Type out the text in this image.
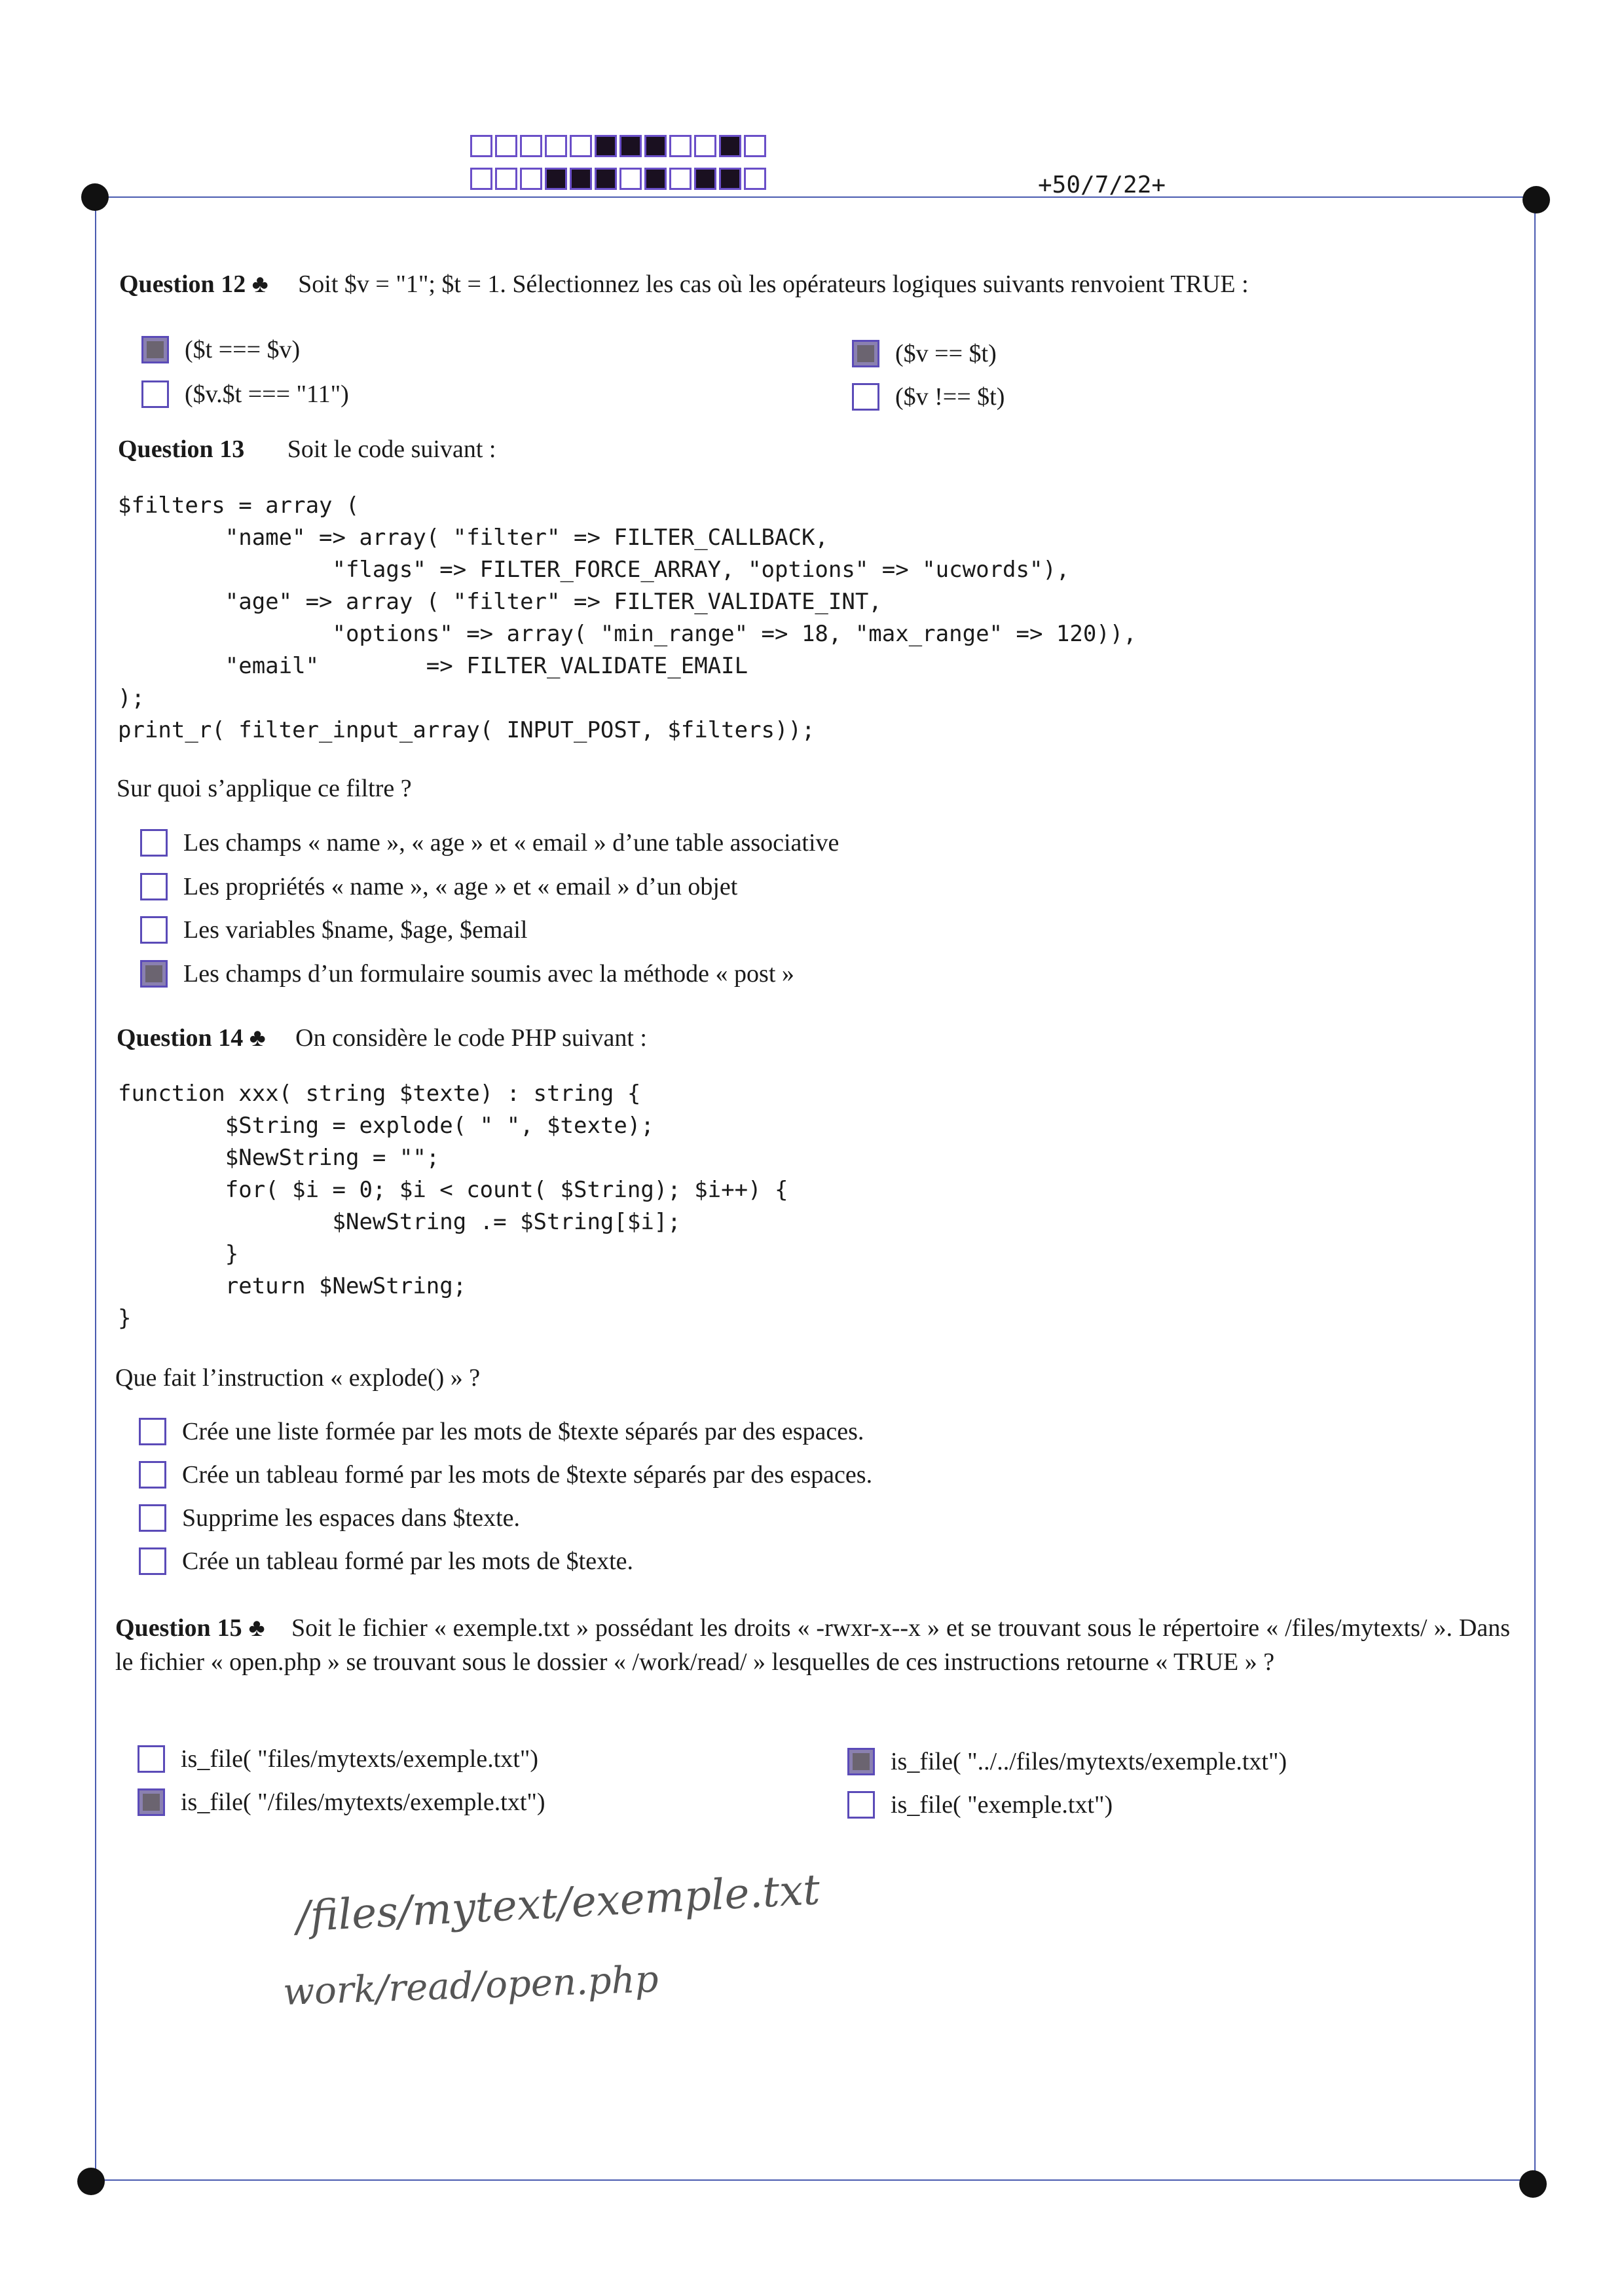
+50/7/22+
Question 12 ♣ Soit $v = "1"; $t = 1. Sélectionnez les cas où les opérateurs logiques suivants renvoient TRUE :
($t === $v)	($v == $t)
($v.$t === "11")	($v !== $t)
Question 13 Soit le code suivant :
$filters = array (
"name" => array( "filter" => FILTER_CALLBACK,
"flags" => FILTER_FORCE_ARRAY, "options" => "ucwords"),
"age" => array ( "filter" => FILTER_VALIDATE_INT,
"options" => array( "min_range" => 18, "max_range" => 120)),
"email"        => FILTER_VALIDATE_EMAIL
);
print_r( filter_input_array( INPUT_POST, $filters));
Sur quoi s’applique ce filtre ?
Les champs « name », « age » et « email » d’une table associative
Les propriétés « name », « age » et « email » d’un objet
Les variables $name, $age, $email
Les champs d’un formulaire soumis avec la méthode « post »
Question 14 ♣ On considère le code PHP suivant :
function xxx( string $texte) : string {
$String = explode( " ", $texte);
$NewString = "";
for( $i = 0; $i < count( $String); $i++) {
$NewString .= $String[$i];
}
return $NewString;
}
Que fait l’instruction « explode() » ?
Crée une liste formée par les mots de $texte séparés par des espaces.
Crée un tableau formé par les mots de $texte séparés par des espaces.
Supprime les espaces dans $texte.
Crée un tableau formé par les mots de $texte.
Question 15 ♣ Soit le fichier « exemple.txt » possédant les droits « -rwxr-x--x » et se trouvant sous le répertoire « /files/mytexts/ ». Dans le fichier « open.php » se trouvant sous le dossier « /work/read/ » lesquelles de ces instructions retourne « TRUE » ?
is_file( "files/mytexts/exemple.txt")	is_file( "../../files/mytexts/exemple.txt")
is_file( "/files/mytexts/exemple.txt")	is_file( "exemple.txt")
/files/mytext/exemple.txt
work/read/open.php
